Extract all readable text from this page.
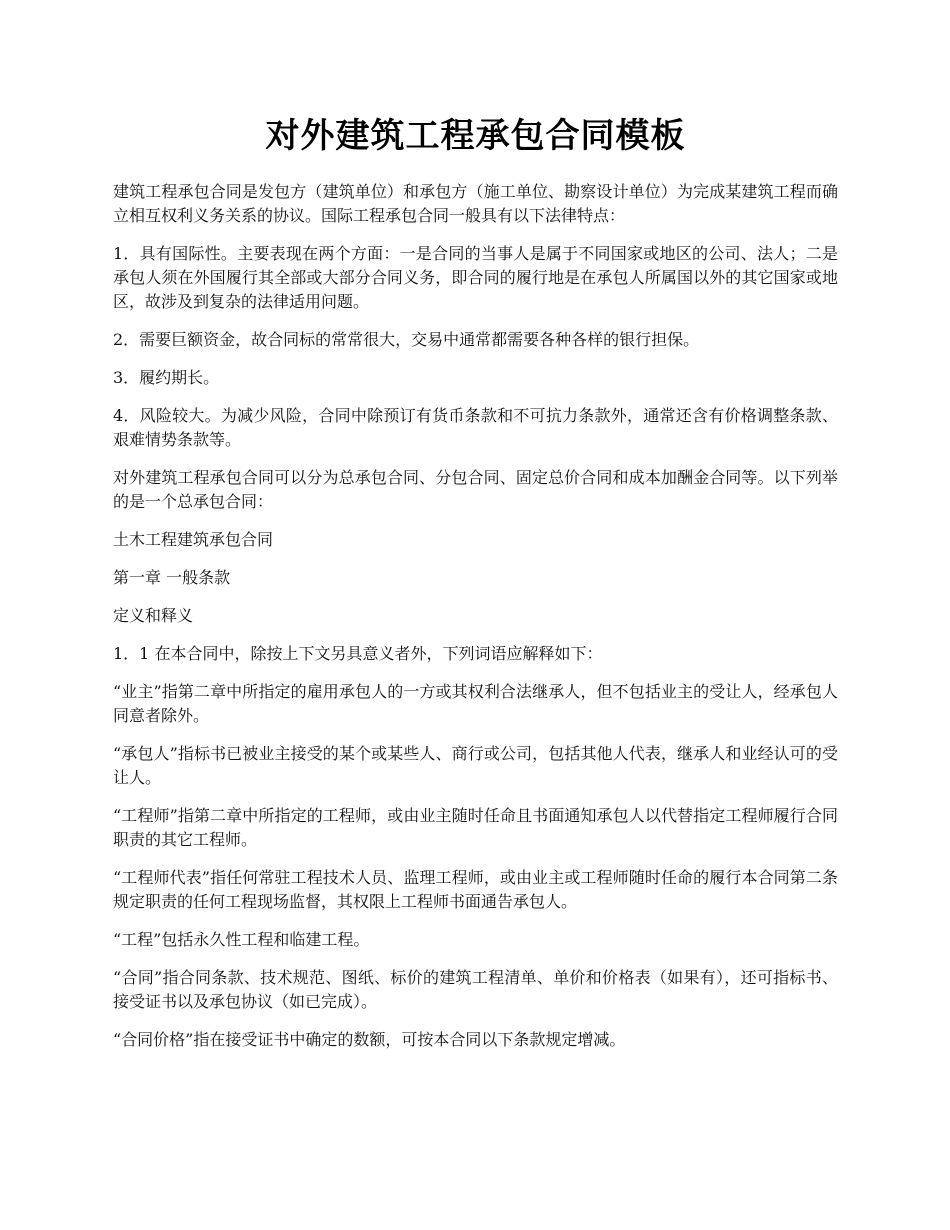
对外建筑工程承包合同模板

建筑工程承包合同是发包方（建筑单位）和承包方（施工单位、勘察设计单位）为完成某建筑工程而确立相互权利义务关系的协议。国际工程承包合同一般具有以下法律特点：

1．具有国际性。主要表现在两个方面：一是合同的当事人是属于不同国家或地区的公司、法人；二是承包人须在外国履行其全部或大部分合同义务，即合同的履行地是在承包人所属国以外的其它国家或地区，故涉及到复杂的法律适用问题。

2．需要巨额资金，故合同标的常常很大，交易中通常都需要各种各样的银行担保。

3．履约期长。

4．风险较大。为减少风险，合同中除预订有货币条款和不可抗力条款外，通常还含有价格调整条款、艰难情势条款等。

对外建筑工程承包合同可以分为总承包合同、分包合同、固定总价合同和成本加酬金合同等。以下列举的是一个总承包合同：

土木工程建筑承包合同

第一章 一般条款

定义和释义

1．1 在本合同中，除按上下文另具意义者外，下列词语应解释如下：

“业主”指第二章中所指定的雇用承包人的一方或其权利合法继承人，但不包括业主的受让人，经承包人同意者除外。

“承包人”指标书已被业主接受的某个或某些人、商行或公司，包括其他人代表，继承人和业经认可的受让人。

“工程师”指第二章中所指定的工程师，或由业主随时任命且书面通知承包人以代替指定工程师履行合同职责的其它工程师。

“工程师代表”指任何常驻工程技术人员、监理工程师，或由业主或工程师随时任命的履行本合同第二条规定职责的任何工程现场监督，其权限上工程师书面通告承包人。

“工程”包括永久性工程和临建工程。

“合同”指合同条款、技术规范、图纸、标价的建筑工程清单、单价和价格表（如果有），还可指标书、接受证书以及承包协议（如已完成）。

“合同价格”指在接受证书中确定的数额，可按本合同以下条款规定增减。
